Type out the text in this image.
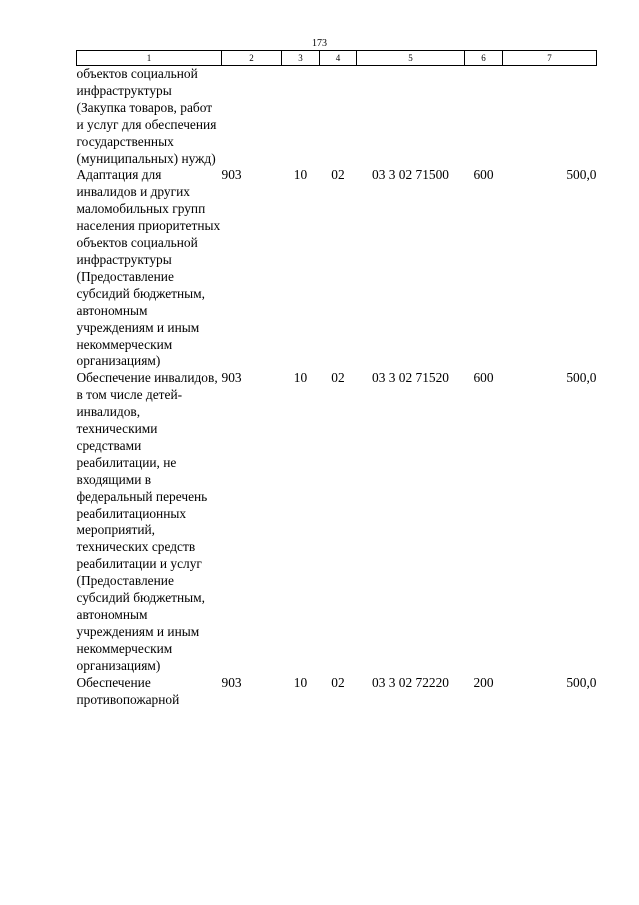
173
1	2	3	4	5	6	7
объектов социальной инфраструктуры (Закупка товаров, работ и услуг для обеспечения государственных (муниципальных) нужд)						
Адаптация для инвалидов и других маломобильных групп населения приоритетных объектов социальной инфраструктуры (Предоставление субсидий бюджетным, автономным учреждениям и иным некоммерческим организациям)	903	10	02	03 3 02 71500	600	500,0
Обеспечение инвалидов, в том числе детей-инвалидов, техническими средствами реабилитации, не входящими в федеральный перечень реабилитационных мероприятий, технических средств реабилитации и услуг (Предоставление субсидий бюджетным, автономным учреждениям и иным некоммерческим организациям)	903	10	02	03 3 02 71520	600	500,0
Обеспечение противопожарной	903	10	02	03 3 02 72220	200	500,0
